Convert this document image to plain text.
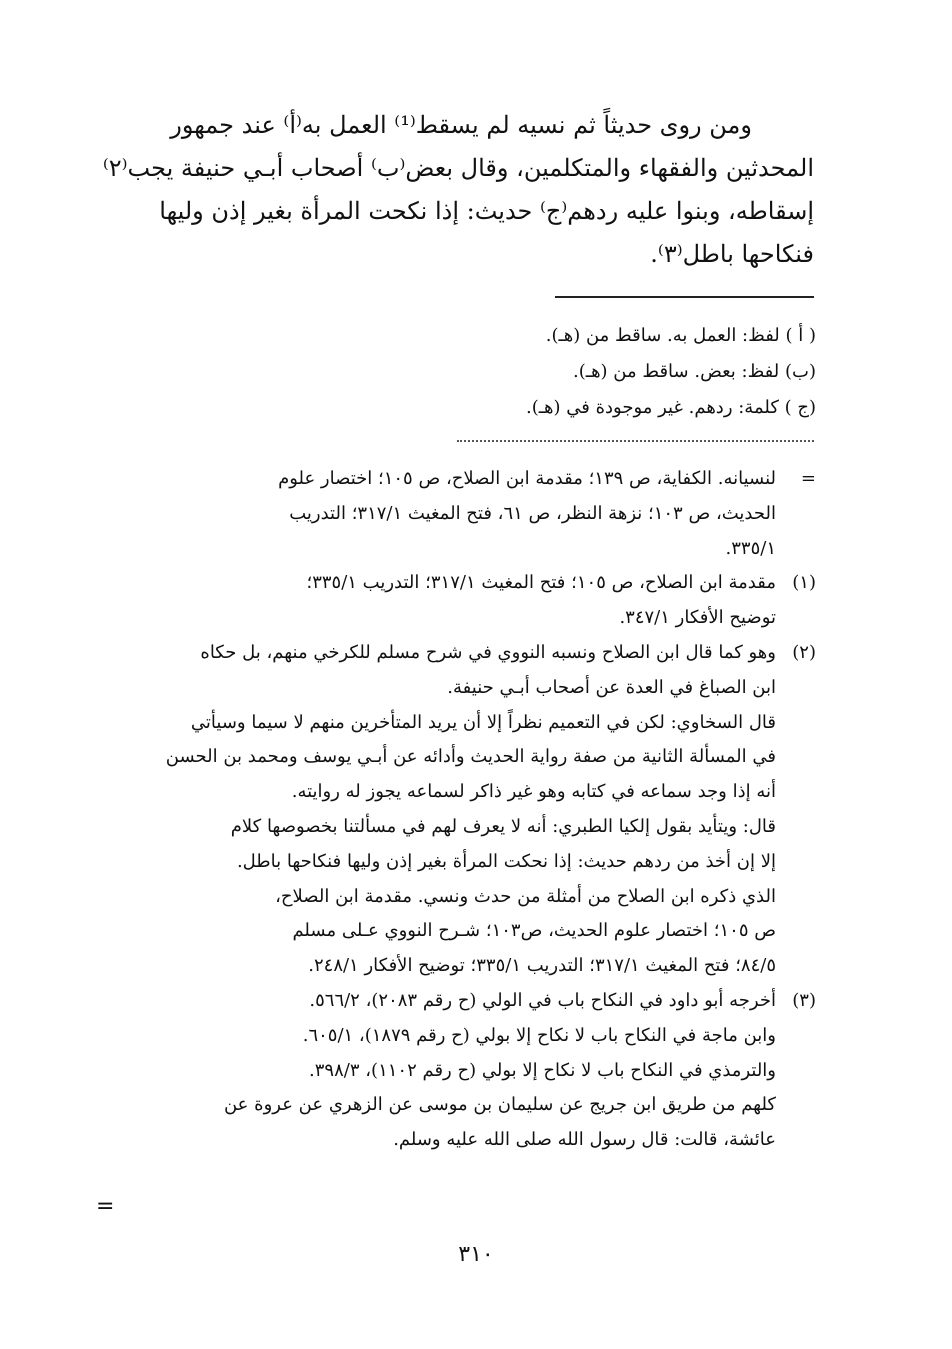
ومن روى حديثاً ثم نسيه لم يسقط⁽¹⁾ العمل به⁽أ⁾ عند جمهور
المحدثين والفقهاء والمتكلمين، وقال بعض⁽ب⁾ أصحاب أبـي حنيفة يجب⁽٢⁾
إسقاطه، وبنوا عليه ردهم⁽ج⁾ حديث: إذا نكحت المرأة بغير إذن وليها
فنكاحها باطل⁽٣⁾.
( أ ) لفظ: العمل به. ساقط من (هـ).
(ب) لفظ: بعض. ساقط من (هـ).
(ج ) كلمة: ردهم. غير موجودة في (هـ).
=
لنسيانه. الكفاية، ص ١٣٩؛ مقدمة ابن الصلاح، ص ١٠٥؛ اختصار علوم
الحديث، ص ١٠٣؛ نزهة النظر، ص ٦١، فتح المغيث ٣١٧/١؛ التدريب
٣٣٥/١.
(١)
مقدمة ابن الصلاح، ص ١٠٥؛ فتح المغيث ٣١٧/١؛ التدريب ٣٣٥/١؛
توضيح الأفكار ٣٤٧/١.
(٢)
وهو كما قال ابن الصلاح ونسبه النووي في شرح مسلم للكرخي منهم، بل حكاه
ابن الصباغ في العدة عن أصحاب أبـي حنيفة.
قال السخاوي: لكن في التعميم نظراً إلا أن يريد المتأخرين منهم لا سيما وسيأتي
في المسألة الثانية من صفة رواية الحديث وأدائه عن أبـي يوسف ومحمد بن الحسن
أنه إذا وجد سماعه في كتابه وهو غير ذاكر لسماعه يجوز له روايته.
قال: ويتأيد بقول إلكيا الطبري: أنه لا يعرف لهم في مسألتنا بخصوصها كلام
إلا إن أخذ من ردهم حديث: إذا نحكت المرأة بغير إذن وليها فنكاحها باطل.
الذي ذكره ابن الصلاح من أمثلة من حدث ونسي. مقدمة ابن الصلاح،
ص ١٠٥؛ اختصار علوم الحديث، ص١٠٣؛ شـرح النووي عـلى مسلم
٨٤/٥؛ فتح المغيث ٣١٧/١؛ التدريب ٣٣٥/١؛ توضيح الأفكار ٢٤٨/١.
(٣)
أخرجه أبو داود في النكاح باب في الولي (ح رقم ٢٠٨٣)، ٥٦٦/٢.
وابن ماجة في النكاح باب لا نكاح إلا بولي (ح رقم ١٨٧٩)، ٦٠٥/١.
والترمذي في النكاح باب لا نكاح إلا بولي (ح رقم ١١٠٢)، ٣٩٨/٣.
كلهم من طريق ابن جريج عن سليمان بن موسى عن الزهري عن عروة عن
عائشة، قالت: قال رسول الله صلى الله عليه وسلم.
=
٣١٠
